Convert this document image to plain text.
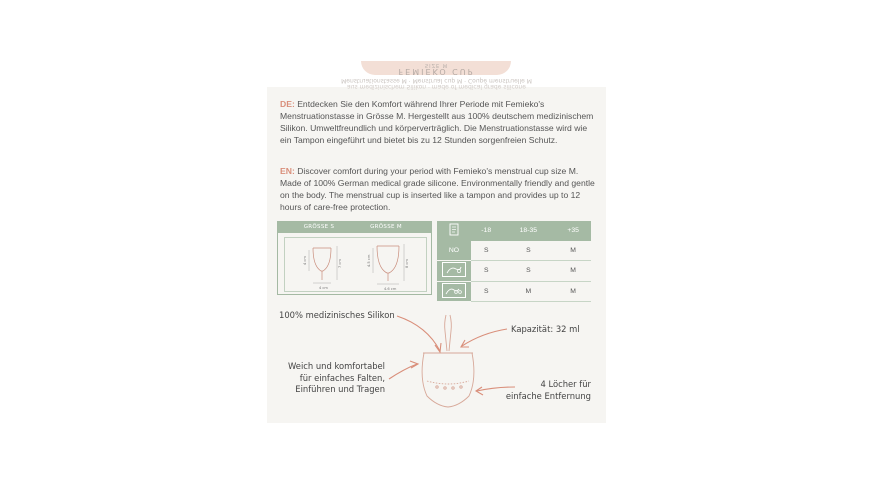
SIZE M
FEMIEKO CUP
Menstruationstasse M · Menstrual cup M · Coupe menstruelle M
aus medizinischem Silikon · made of medical grade silicone

DE: Entdecken Sie den Komfort während Ihrer Periode mit Femieko's Menstruationstasse in Grösse M. Hergestellt aus 100% deutschem medizinischem Silikon. Umweltfreundlich und körperverträglich. Die Menstruationstasse wird wie ein Tampon eingeführt und bietet bis zu 12 Stunden sorgenfreien Schutz.

EN: Discover comfort during your period with Femieko's menstrual cup size M. Made of 100% German medical grade silicone. Environmentally friendly and gentle on the body. The menstrual cup is inserted like a tampon and provides up to 12 hours of care-free protection.

GRÖSSE S	GRÖSSE M
4 cm
4 cm	7 cm
4.6 cm
4.5 cm	8 cm
	-18	18-35	+35
NO	S	S	M

	S	S	M

	S	M	M

100% medizinisches Silikon

Kapazität: 32 ml

Weich und komfortabel
für einfaches Falten,
Einführen und Tragen	4 Löcher für
einfache Entfernung
